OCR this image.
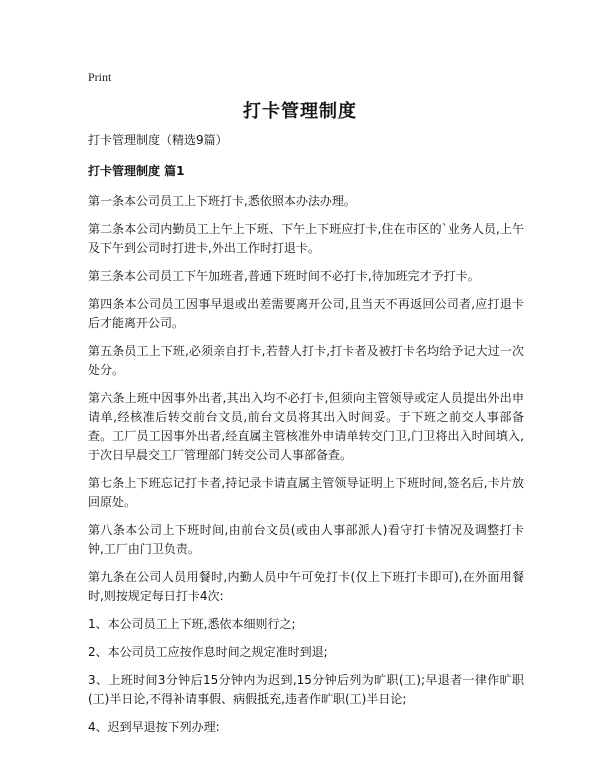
Print
打卡管理制度

打卡管理制度（精选9篇）

打卡管理制度 篇1

第一条本公司员工上下班打卡,悉依照本办法办理。

第二条本公司内勤员工上午上下班、下午上下班应打卡,住在市区的`业务人员,上午及下午到公司时打进卡,外出工作时打退卡。

第三条本公司员工下午加班者,普通下班时间不必打卡,待加班完才予打卡。

第四条本公司员工因事早退或出差需要离开公司,且当天不再返回公司者,应打退卡后才能离开公司。

第五条员工上下班,必须亲自打卡,若替人打卡,打卡者及被打卡名均给予记大过一次处分。

第六条上班中因事外出者,其出入均不必打卡,但须向主管领导或定人员提出外出申请单,经核准后转交前台文员,前台文员将其出入时间妥。于下班之前交人事部备查。工厂员工因事外出者,经直属主管核准外申请单转交门卫,门卫将出入时间填入,于次日早晨交工厂管理部门转交公司人事部备查。

第七条上下班忘记打卡者,持记录卡请直属主管领导证明上下班时间,签名后,卡片放回原处。

第八条本公司上下班时间,由前台文员(或由人事部派人)看守打卡情况及调整打卡钟,工厂由门卫负责。

第九条在公司人员用餐时,内勤人员中午可免打卡(仅上下班打卡即可),在外面用餐时,则按规定每日打卡4次:

1、本公司员工上下班,悉依本细则行之;

2、本公司员工应按作息时间之规定准时到退;

3、上班时间3分钟后15分钟内为迟到,15分钟后列为旷职(工);早退者一律作旷职(工)半日论,不得补请事假、病假抵充,违者作旷职(工)半日论;

4、迟到早退按下列办理:
